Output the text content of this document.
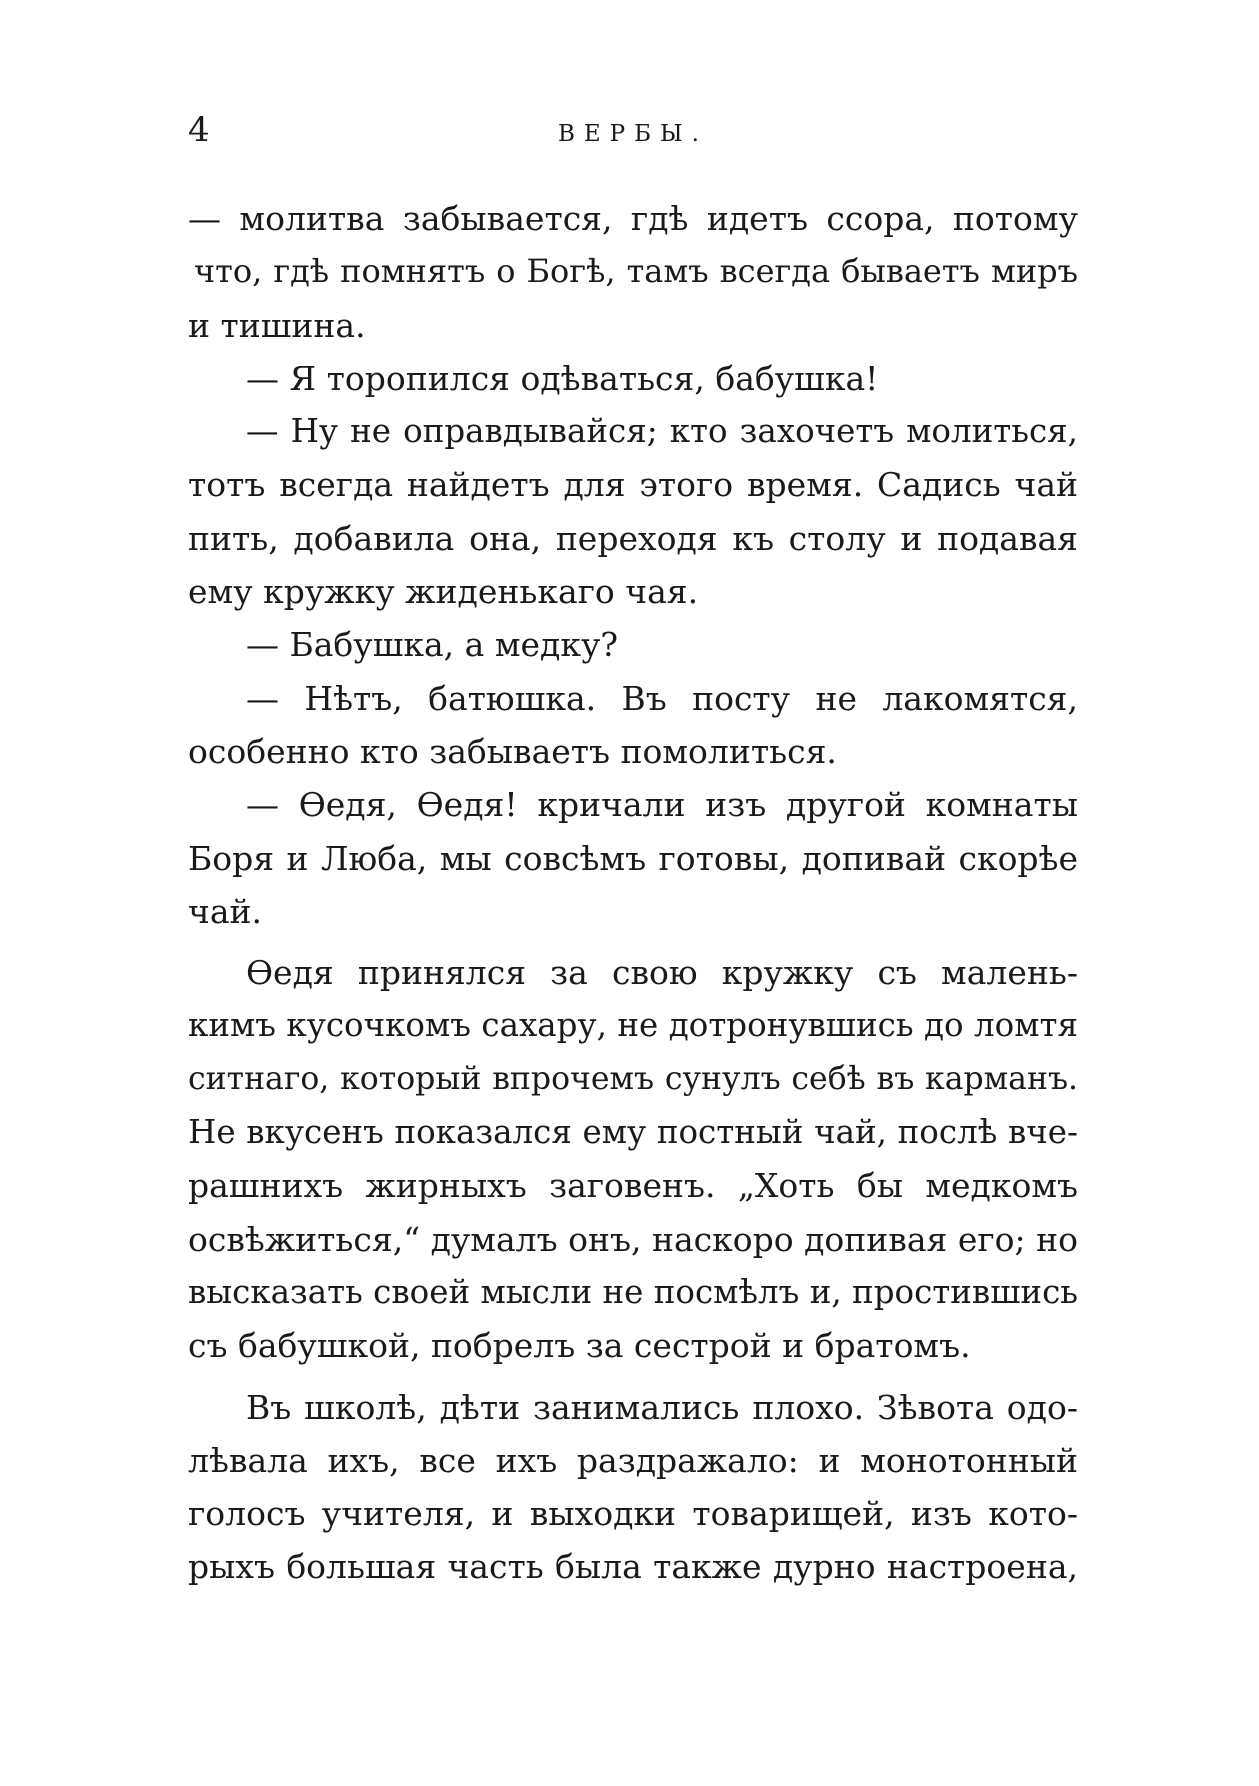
4	ВЕРБЫ.
— молитва забывается, гдѣ идетъ ссора, потому
что, гдѣ помнятъ о Богѣ, тамъ всегда бываетъ миръ
и тишина.
— Я торопился одѣваться, бабушка!
— Ну не оправдывайся; кто захочетъ молиться,
тотъ всегда найдетъ для этого время. Садись чай
пить, добавила она, переходя къ столу и подавая
ему кружку жиденькаго чая.
— Бабушка, а медку?
— Нѣтъ, батюшка. Въ посту не лакомятся,
особенно кто забываетъ помолиться.
— Ѳедя, Ѳедя! кричали изъ другой комнаты
Боря и Люба, мы совсѣмъ готовы, допивай скорѣе
чай.
Ѳедя принялся за свою кружку съ малень-
кимъ кусочкомъ сахару, не дотронувшись до ломтя
ситнаго, который впрочемъ сунулъ себѣ въ карманъ.
Не вкусенъ показался ему постный чай, послѣ вче-
рашнихъ жирныхъ заговенъ. „Хоть бы медкомъ
освѣжиться,“ думалъ онъ, наскоро допивая его; но
высказать своей мысли не посмѣлъ и, простившись
съ бабушкой, побрелъ за сестрой и братомъ.
Въ школѣ, дѣти занимались плохо. Зѣвота одо-
лѣвала ихъ, все ихъ раздражало: и монотонный
голосъ учителя, и выходки товарищей, изъ кото-
рыхъ большая часть была также дурно настроена,
